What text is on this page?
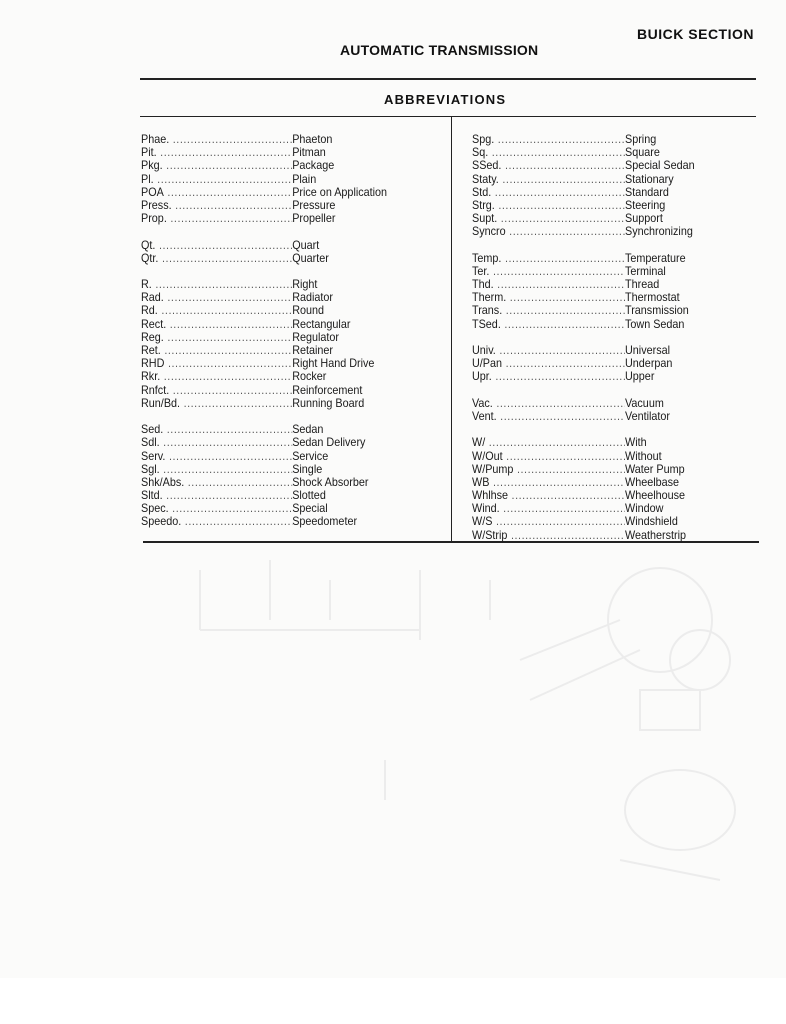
BUICK SECTION
AUTOMATIC TRANSMISSION
ABBREVIATIONS
Phae. .....	Phaeton
Pit. .....	Pitman
Pkg. .....	Package
Pl. .....	Plain
POA .....	Price on Application
Press. .....	Pressure
Prop. .....	Propeller
Qt. .....	Quart
Qtr. .....	Quarter
R. .....	Right
Rad. .....	Radiator
Rd. .....	Round
Rect. .....	Rectangular
Reg. .....	Regulator
Ret. .....	Retainer
RHD .....	Right Hand Drive
Rkr. .....	Rocker
Rnfct. .....	Reinforcement
Run/Bd. .....	Running Board
Sed. .....	Sedan
Sdl. .....	Sedan Delivery
Serv. .....	Service
Sgl. .....	Single
Shk/Abs. .....	Shock Absorber
Sltd. .....	Slotted
Spec. .....	Special
Speedo. .....	Speedometer
Spg. .....	Spring
Sq. .....	Square
SSed. .....	Special Sedan
Staty. .....	Stationary
Std. .....	Standard
Strg. .....	Steering
Supt. .....	Support
Syncro .....	Synchronizing
Temp. .....	Temperature
Ter. .....	Terminal
Thd. .....	Thread
Therm. .....	Thermostat
Trans. .....	Transmission
TSed. .....	Town Sedan
Univ. .....	Universal
U/Pan .....	Underpan
Upr. .....	Upper
Vac. .....	Vacuum
Vent. .....	Ventilator
W/ .....	With
W/Out .....	Without
W/Pump .....	Water Pump
WB .....	Wheelbase
Whlhse .....	Wheelhouse
Wind. .....	Window
W/S .....	Windshield
W/Strip .....	Weatherstrip
